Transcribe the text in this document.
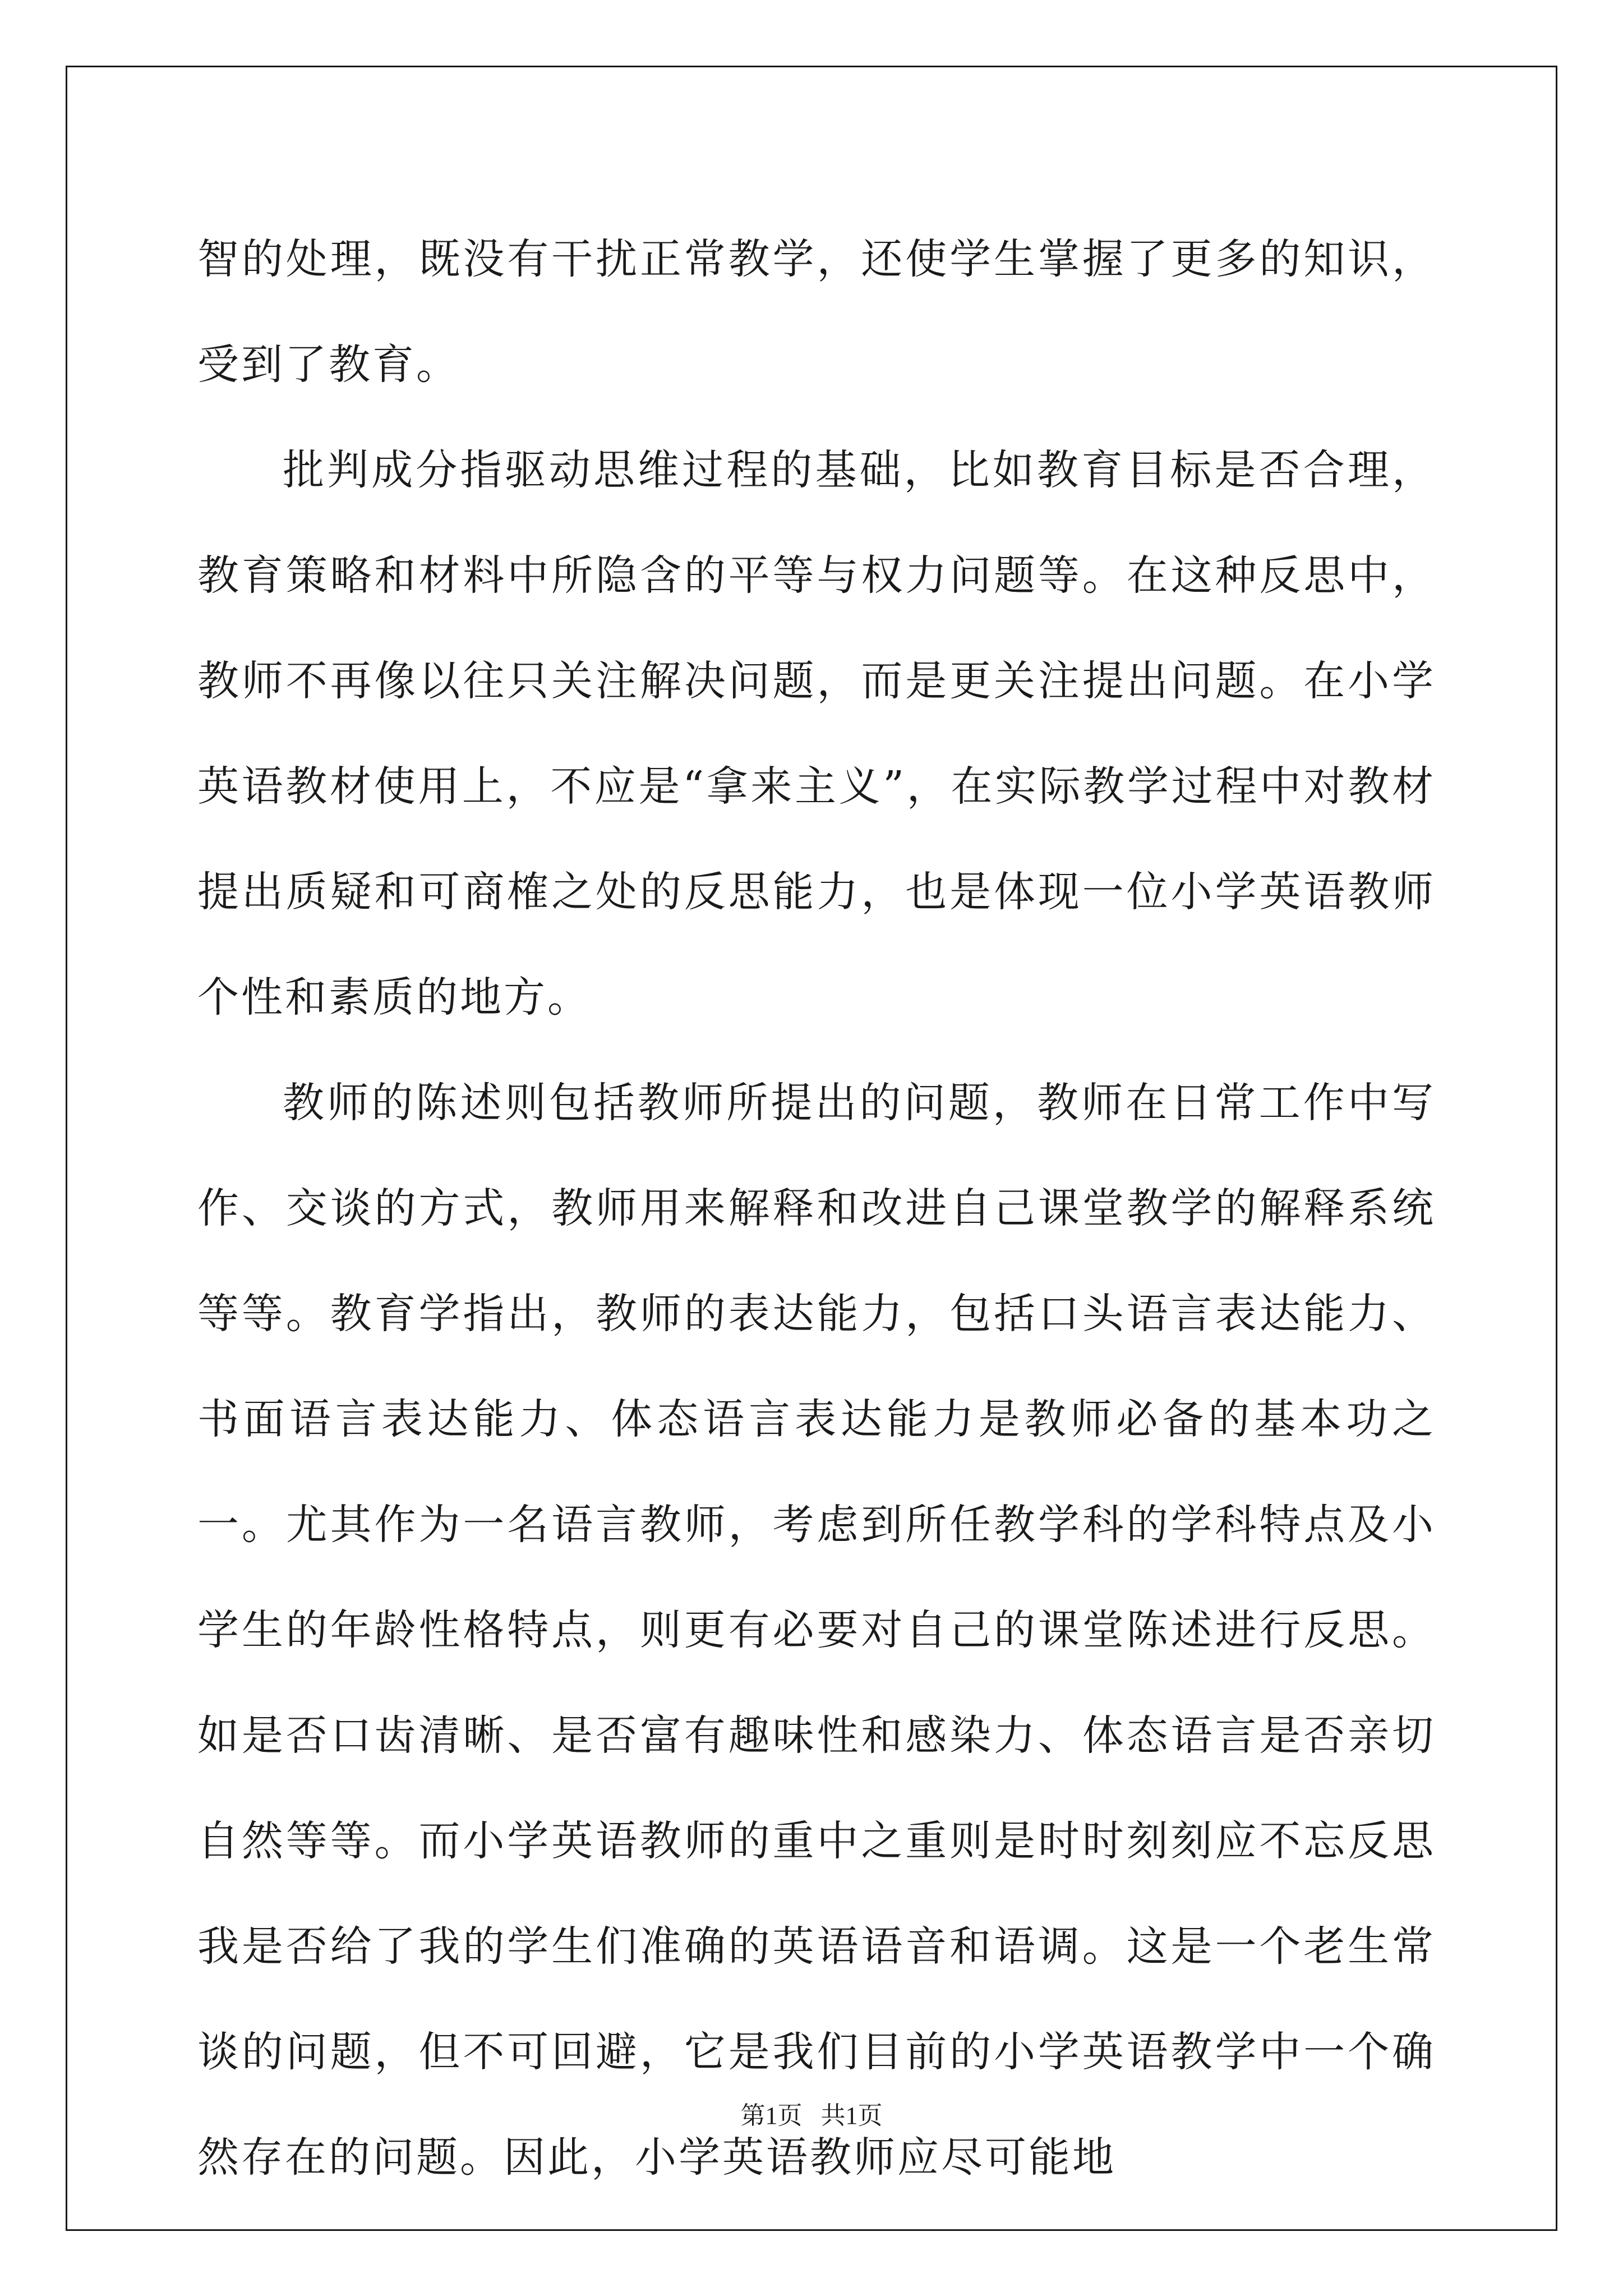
智的处理，既没有干扰正常教学，还使学生掌握了更多的知识，受到了教育。

批判成分指驱动思维过程的基础，比如教育目标是否合理，教育策略和材料中所隐含的平等与权力问题等。在这种反思中，教师不再像以往只关注解决问题，而是更关注提出问题。在小学英语教材使用上，不应是“拿来主义”，在实际教学过程中对教材提出质疑和可商榷之处的反思能力，也是体现一位小学英语教师个性和素质的地方。

教师的陈述则包括教师所提出的问题，教师在日常工作中写作、交谈的方式，教师用来解释和改进自己课堂教学的解释系统等等。教育学指出，教师的表达能力，包括口头语言表达能力、书面语言表达能力、体态语言表达能力是教师必备的基本功之一。尤其作为一名语言教师，考虑到所任教学科的学科特点及小学生的年龄性格特点，则更有必要对自己的课堂陈述进行反思。如是否口齿清晰、是否富有趣味性和感染力、体态语言是否亲切自然等等。而小学英语教师的重中之重则是时时刻刻应不忘反思我是否给了我的学生们准确的英语语音和语调。这是一个老生常谈的问题，但不可回避，它是我们目前的小学英语教学中一个确然存在的问题。因此，小学英语教师应尽可能地

第1页   共1页
